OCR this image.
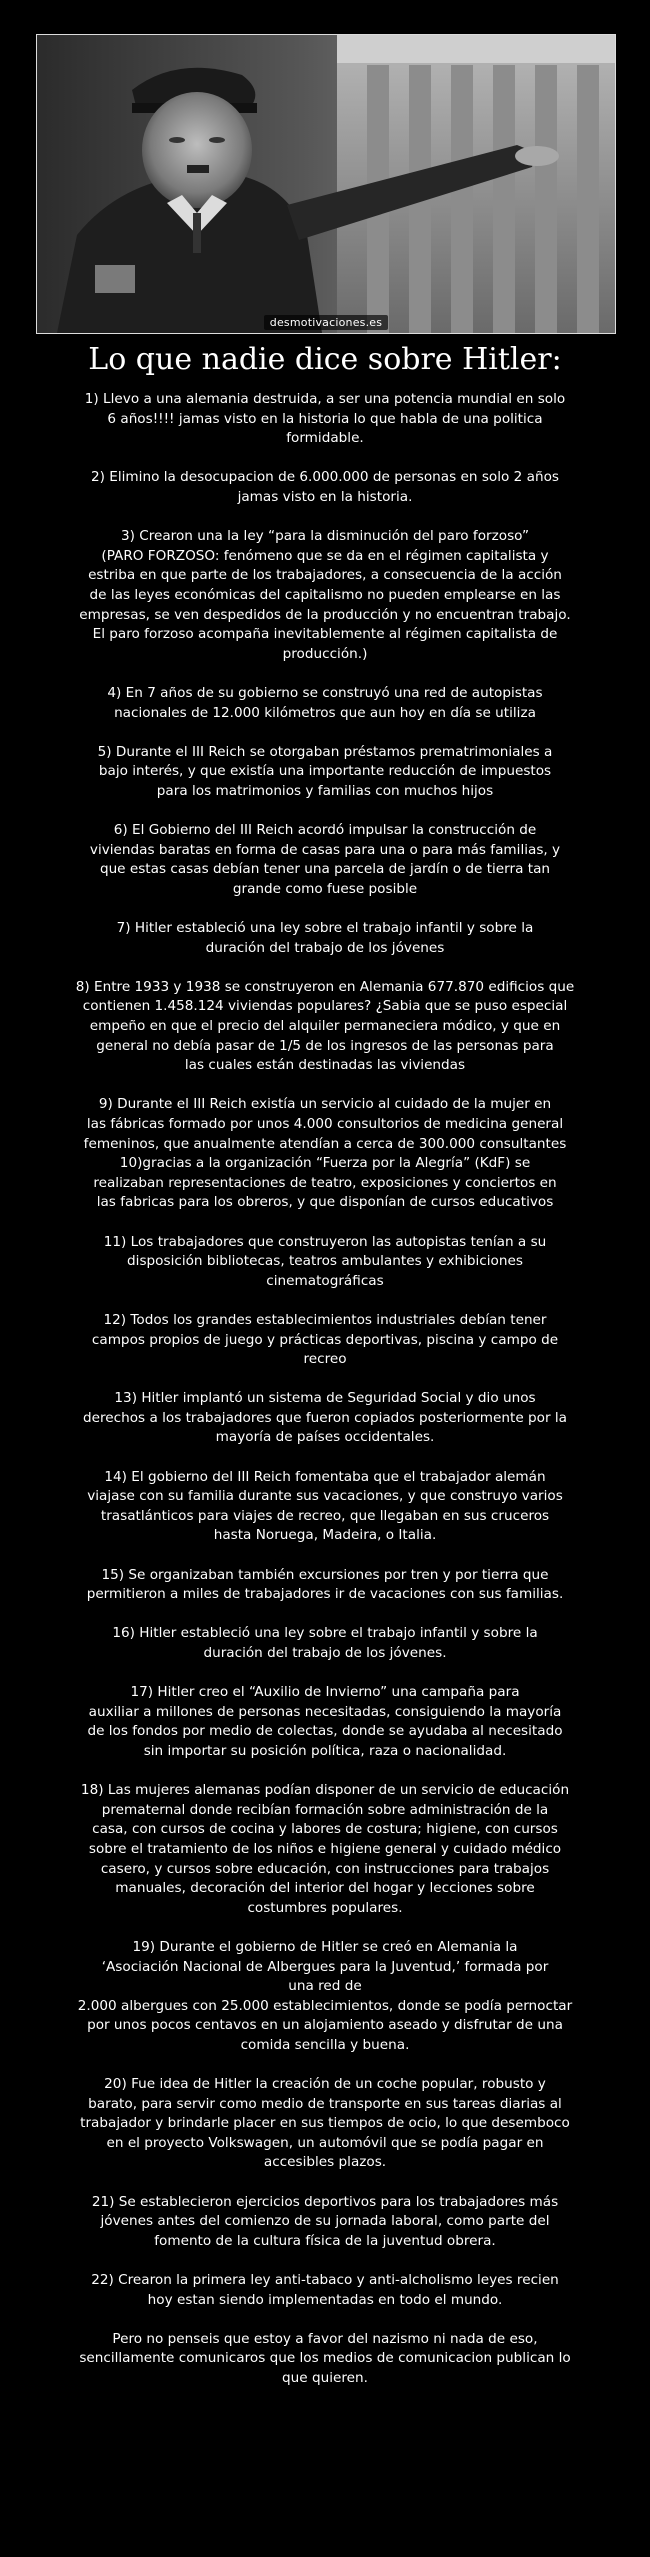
desmotivaciones.es
Lo que nadie dice sobre Hitler:

1) Llevo a una alemania destruida, a ser una potencia mundial en solo
6 años!!!! jamas visto en la historia lo que habla de una politica
formidable.

2) Elimino la desocupacion de 6.000.000 de personas en solo 2 años
jamas visto en la historia.

3) Crearon una la ley “para la disminución del paro forzoso”
(PARO FORZOSO: fenómeno que se da en el régimen capitalista y
estriba en que parte de los trabajadores, a consecuencia de la acción
de las leyes económicas del capitalismo no pueden emplearse en las
empresas, se ven despedidos de la producción y no encuentran trabajo.
El paro forzoso acompaña inevitablemente al régimen capitalista de
producción.)

4) En 7 años de su gobierno se construyó una red de autopistas
nacionales de 12.000 kilómetros que aun hoy en día se utiliza

5) Durante el III Reich se otorgaban préstamos prematrimoniales a
bajo interés, y que existía una importante reducción de impuestos
para los matrimonios y familias con muchos hijos

6) El Gobierno del III Reich acordó impulsar la construcción de
viviendas baratas en forma de casas para una o para más familias, y
que estas casas debían tener una parcela de jardín o de tierra tan
grande como fuese posible

7) Hitler estableció una ley sobre el trabajo infantil y sobre la
duración del trabajo de los jóvenes

8) Entre 1933 y 1938 se construyeron en Alemania 677.870 edificios que
contienen 1.458.124 viviendas populares? ¿Sabia que se puso especial
empeño en que el precio del alquiler permaneciera módico, y que en
general no debía pasar de 1/5 de los ingresos de las personas para
las cuales están destinadas las viviendas

9) Durante el III Reich existía un servicio al cuidado de la mujer en
las fábricas formado por unos 4.000 consultorios de medicina general
femeninos, que anualmente atendían a cerca de 300.000 consultantes
10)gracias a la organización “Fuerza por la Alegría” (KdF) se
realizaban representaciones de teatro, exposiciones y conciertos en
las fabricas para los obreros, y que disponían de cursos educativos

11) Los trabajadores que construyeron las autopistas tenían a su
disposición bibliotecas, teatros ambulantes y exhibiciones
cinematográficas

12) Todos los grandes establecimientos industriales debían tener
campos propios de juego y prácticas deportivas, piscina y campo de
recreo

13) Hitler implantó un sistema de Seguridad Social y dio unos
derechos a los trabajadores que fueron copiados posteriormente por la
mayoría de países occidentales.

14) El gobierno del III Reich fomentaba que el trabajador alemán
viajase con su familia durante sus vacaciones, y que construyo varios
trasatlánticos para viajes de recreo, que llegaban en sus cruceros
hasta Noruega, Madeira, o Italia.

15) Se organizaban también excursiones por tren y por tierra que
permitieron a miles de trabajadores ir de vacaciones con sus familias.

16) Hitler estableció una ley sobre el trabajo infantil y sobre la
duración del trabajo de los jóvenes.

17) Hitler creo el “Auxilio de Invierno” una campaña para
auxiliar a millones de personas necesitadas, consiguiendo la mayoría
de los fondos por medio de colectas, donde se ayudaba al necesitado
sin importar su posición política, raza o nacionalidad.

18) Las mujeres alemanas podían disponer de un servicio de educación
prematernal donde recibían formación sobre administración de la
casa, con cursos de cocina y labores de costura; higiene, con cursos
sobre el tratamiento de los niños e higiene general y cuidado médico
casero, y cursos sobre educación, con instrucciones para trabajos
manuales, decoración del interior del hogar y lecciones sobre
costumbres populares.

19) Durante el gobierno de Hitler se creó en Alemania la
‘Asociación Nacional de Albergues para la Juventud,’ formada por
una red de
2.000 albergues con 25.000 establecimientos, donde se podía pernoctar
por unos pocos centavos en un alojamiento aseado y disfrutar de una
comida sencilla y buena.

20) Fue idea de Hitler la creación de un coche popular, robusto y
barato, para servir como medio de transporte en sus tareas diarias al
trabajador y brindarle placer en sus tiempos de ocio, lo que desemboco
en el proyecto Volkswagen, un automóvil que se podía pagar en
accesibles plazos.

21) Se establecieron ejercicios deportivos para los trabajadores más
jóvenes antes del comienzo de su jornada laboral, como parte del
fomento de la cultura física de la juventud obrera.

22) Crearon la primera ley anti-tabaco y anti-alcholismo leyes recien
hoy estan siendo implementadas en todo el mundo.

Pero no penseis que estoy a favor del nazismo ni nada de eso,
sencillamente comunicaros que los medios de comunicacion publican lo
que quieren.
